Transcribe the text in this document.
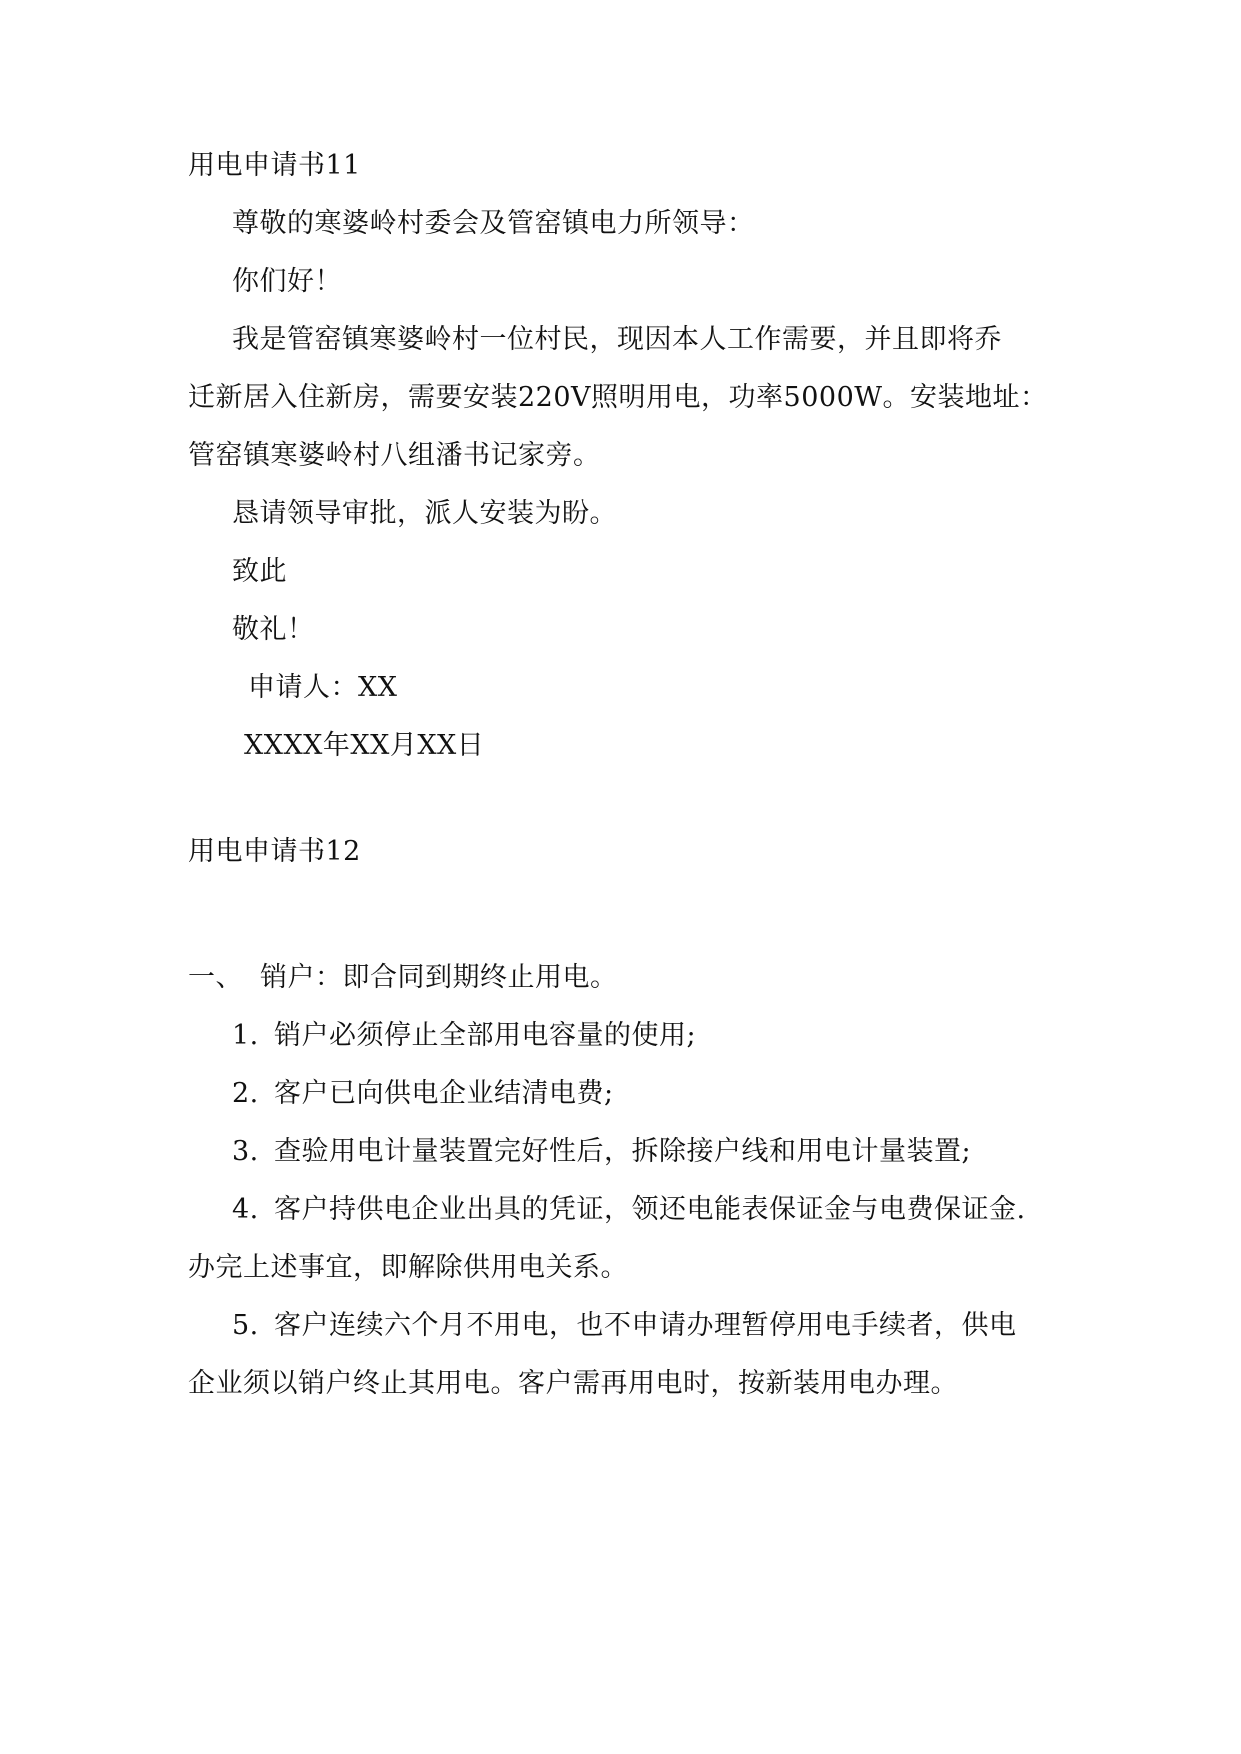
用电申请书11
尊敬的寒婆岭村委会及管窑镇电力所领导：
你们好！
我是管窑镇寒婆岭村一位村民，现因本人工作需要，并且即将乔
迁新居入住新房，需要安装220V照明用电，功率5000W。安装地址：
管窑镇寒婆岭村八组潘书记家旁。
恳请领导审批，派人安装为盼。
致此
敬礼！
申请人：XX
XXXX年XX月XX日
用电申请书12
一、 销户：即合同到期终止用电。
1. 销户必须停止全部用电容量的使用;
2. 客户已向供电企业结清电费;
3. 查验用电计量装置完好性后，拆除接户线和用电计量装置;
4. 客户持供电企业出具的凭证，领还电能表保证金与电费保证金.
办完上述事宜，即解除供用电关系。
5. 客户连续六个月不用电，也不申请办理暂停用电手续者，供电
企业须以销户终止其用电。客户需再用电时，按新装用电办理。
